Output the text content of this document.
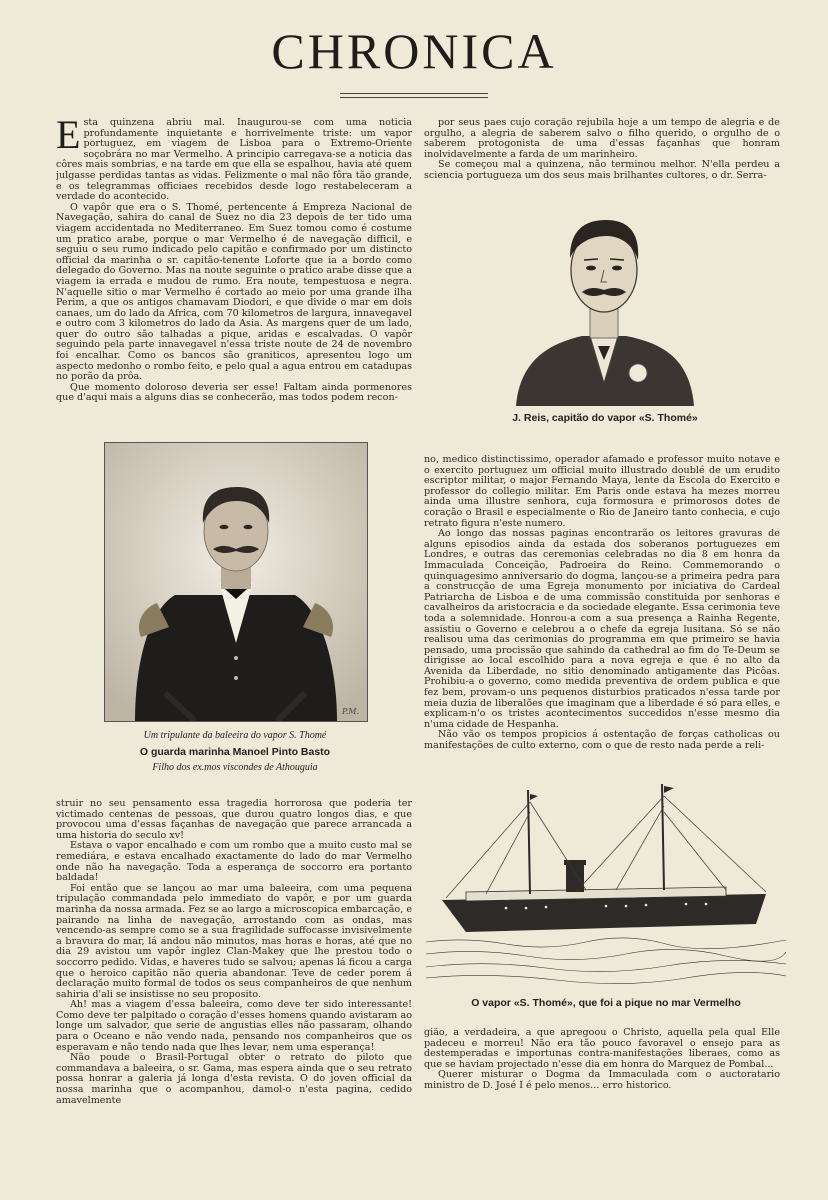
CHRONICA

Esta quinzena abriu mal. Inaugurou-se com uma noticia profundamente inquietante e horrivelmente triste: um vapor portuguez, em viagem de Lisboa para o Extremo-Oriente soçobrára no mar Vermelho. A principio carregava-se a noticia das côres mais sombrias, e na tarde em que ella se espalhou, havia até quem julgasse perdidas tantas as vidas. Felizmente o mal não fôra tão grande, e os telegrammas officiaes recebidos desde logo restabeleceram a verdade do acontecido.

O vapôr que era o S. Thomé, pertencente á Empreza Nacional de Navegação, sahira do canal de Suez no dia 23 depois de ter tido uma viagem accidentada no Mediterraneo. Em Suez tomou como é costume um pratico arabe, porque o mar Vermelho é de navegação difficil, e seguiu o seu rumo indicado pelo capitão e confirmado por um distincto official da marinha o sr. capitão-tenente Loforte que ia a bordo como delegado do Governo. Mas na noute seguinte o pratico arabe disse que a viagem ia errada e mudou de rumo. Era noute, tempestuosa e negra. N'aquelle sitio o mar Vermelho é cortado ao meio por uma grande ilha Perim, a que os antigos chamavam Diodori, e que divide o mar em dois canaes, um do lado da Africa, com 70 kilometros de largura, innavegavel e outro com 3 kilometros do lado da Asia. As margens quer de um lado, quer do outro são talhadas a pique, aridas e escalvadas. O vapôr seguindo pela parte innavegavel n'essa triste noute de 24 de novembro foi encalhar. Como os bancos são graniticos, apresentou logo um aspecto medonho o rombo feito, e pelo qual a agua entrou em catadupas no porão da prôa.

Que momento doloroso deveria ser esse! Faltam ainda pormenores que d'aqui mais a alguns dias se conhecerão, mas todos podem recon-

por seus paes cujo coração rejubila hoje a um tempo de alegria e de orgulho, a alegria de saberem salvo o filho querido, o orgulho de o saberem protogonista de uma d'essas façanhas que honram inolvidavelmente a farda de um marinheiro.

Se começou mal a quinzena, não terminou melhor. N'ella perdeu a sciencia portugueza um dos seus mais brilhantes cultores, o dr. Serra-

J. Reis, capitão do vapor «S. Thomé»
P.M.
Um tripulante da baleeira do vapor S. Thomé
O guarda marinha Manoel Pinto Basto
Filho dos ex.mos viscondes de Athouguia

no, medico distinctissimo, operador afamado e professor muito notave e o exercito portuguez um official muito illustrado doublé de um erudito escriptor militar, o major Fernando Maya, lente da Escola do Exercito e professor do collegio militar. Em Paris onde estava ha mezes morreu ainda uma illustre senhora, cuja formosura e primorosos dotes de coração o Brasil e especialmente o Rio de Janeiro tanto conhecia, e cujo retrato figura n'este numero.

Ao longo das nossas paginas encontrarão os leitores gravuras de alguns episodios ainda da estada dos soberanos portuguezes em Londres, e outras das ceremonias celebradas no dia 8 em honra da Immaculada Conceição, Padroeira do Reino. Commemorando o quinquagesimo anniversario do dogma, lançou-se a primeira pedra para a construcção de uma Egreja monumento por iniciativa do Cardeal Patriarcha de Lisboa e de uma commissão constituida por senhoras e cavalheiros da aristocracia e da sociedade elegante. Essa cerimonia teve toda a solemnidade. Honrou-a com a sua presença a Rainha Regente, assistiu o Governo e celebrou a o chefe da egreja lusitana. Só se não realisou uma das cerimonias do programma em que primeiro se havia pensado, uma procissão que sahindo da cathedral ao fim do Te-Deum se dirigisse ao local escolhido para a nova egreja e que é no alto da Avenida da Liberdade, no sitio denominado antigamente das Picôas. Prohibiu-a o governo, como medida preventiva de ordem publica e que fez bem, provam-o uns pequenos disturbios praticados n'essa tarde por meia duzia de liberalões que imaginam que a liberdade é só para elles, e explicam-n'o os tristes acontecimentos succedidos n'esse mesmo dia n'uma cidade de Hespanha.

Não vão os tempos propicios á ostentação de forças catholicas ou manifestações de culto externo, com o que de resto nada perde a reli-

struir no seu pensamento essa tragedia horrorosa que poderia ter victimado centenas de pessoas, que durou quatro longos dias, e que provocou uma d'essas façanhas de navegação que parece arrancada a uma historia do seculo xv!

Estava o vapor encalhado e com um rombo que a muito custo mal se remediára, e estava encalhado exactamente do lado do mar Vermelho onde não ha navegação. Toda a esperança de soccorro era portanto baldada!

Foi então que se lançou ao mar uma baleeira, com uma pequena tripulação commandada pelo immediato do vapôr, e por um guarda marinha da nossa armada. Fez se ao largo a microscopica embarcação, e pairando na linha de navegação, arrostando com as ondas, mas vencendo-as sempre como se a sua fragilidade suffocasse invisivelmente a bravura do mar, lá andou não minutos, mas horas e horas, até que no dia 29 avistou um vapôr inglez Clan-Makey que lhe prestou todo o soccorro pedido. Vidas, e haveres tudo se salvou; apenas lá ficou a carga que o heroico capitão não queria abandonar. Teve de ceder porem á declaração muito formal de todos os seus companheiros de que nenhum sahiria d'ali se insistisse no seu proposito.

Ah! mas a viagem d'essa baleeira, como deve ter sido interessante! Como deve ter palpitado o coração d'esses homens quando avistaram ao longe um salvador, que serie de angustias elles não passaram, olhando para o Oceano e não vendo nada, pensando nos companheiros que os esperavam e não tendo nada que lhes levar, nem uma esperança!

Não poude o Brasil-Portugal obter o retrato do piloto que commandava a baleeira, o sr. Gama, mas espera ainda que o seu retrato possa honrar a galeria já longa d'esta revista. O do joven official da nossa marinha que o acompanhou, damol-o n'esta pagina, cedido amavelmente

O vapor «S. Thomé», que foi a pique no mar Vermelho

gião, a verdadeira, a que apregoou o Christo, aquella pela qual Elle padeceu e morreu! Não era tão pouco favoravel o ensejo para as destemperadas e importunas contra-manifestações liberaes, como as que se haviam projectado n'esse dia em honra do Marquez de Pombal...

Querer misturar o Dogma da Immaculada com o auctoratario ministro de D. José I é pelo menos... erro historico.
